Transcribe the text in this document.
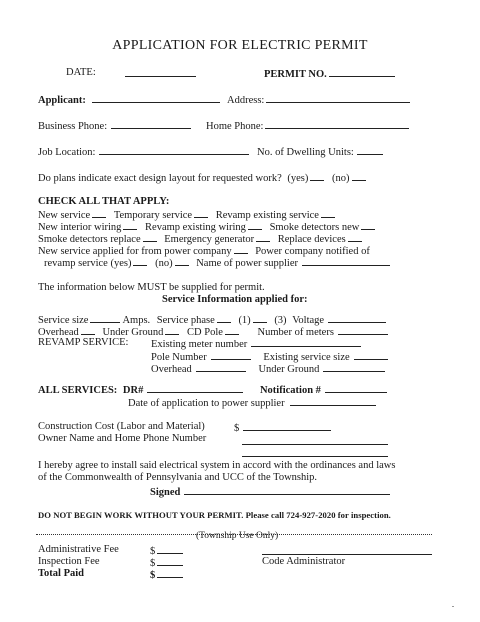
APPLICATION FOR ELECTRIC PERMIT
DATE:	PERMIT NO.
Applicant:	Address:
Business Phone:	Home Phone:
Job Location:	No. of Dwelling Units:
Do plans indicate exact design layout for requested work? (yes) (no)
CHECK ALL THAT APPLY:
New service Temporary service Revamp existing service
New interior wiring Revamp existing wiring Smoke detectors new
Smoke detectors replace Emergency generator Replace devices
New service applied for from power company Power company notified of
revamp service (yes) (no) Name of power supplier
The information below MUST be supplied for permit.
Service Information applied for:
Service size	Amps. Service phase (1) (3) Voltage
Overhead Under Ground CD Pole	Number of meters
REVAMP SERVICE: Existing meter number
Pole Number	Existing service size
Overhead	Under Ground
ALL SERVICES: DR#	Notification #
Date of application to power supplier
Construction Cost (Labor and Material)	$
Owner Name and Home Phone Number
I hereby agree to install said electrical system in accord with the ordinances and laws
of the Commonwealth of Pennsylvania and UCC of the Township.
Signed
DO NOT BEGIN WORK WITHOUT YOUR PERMIT. Please call 724-927-2020 for inspection.
(Township Use Only)
Administrative Fee	$
Inspection Fee	$	Code Administrator
Total Paid	$
